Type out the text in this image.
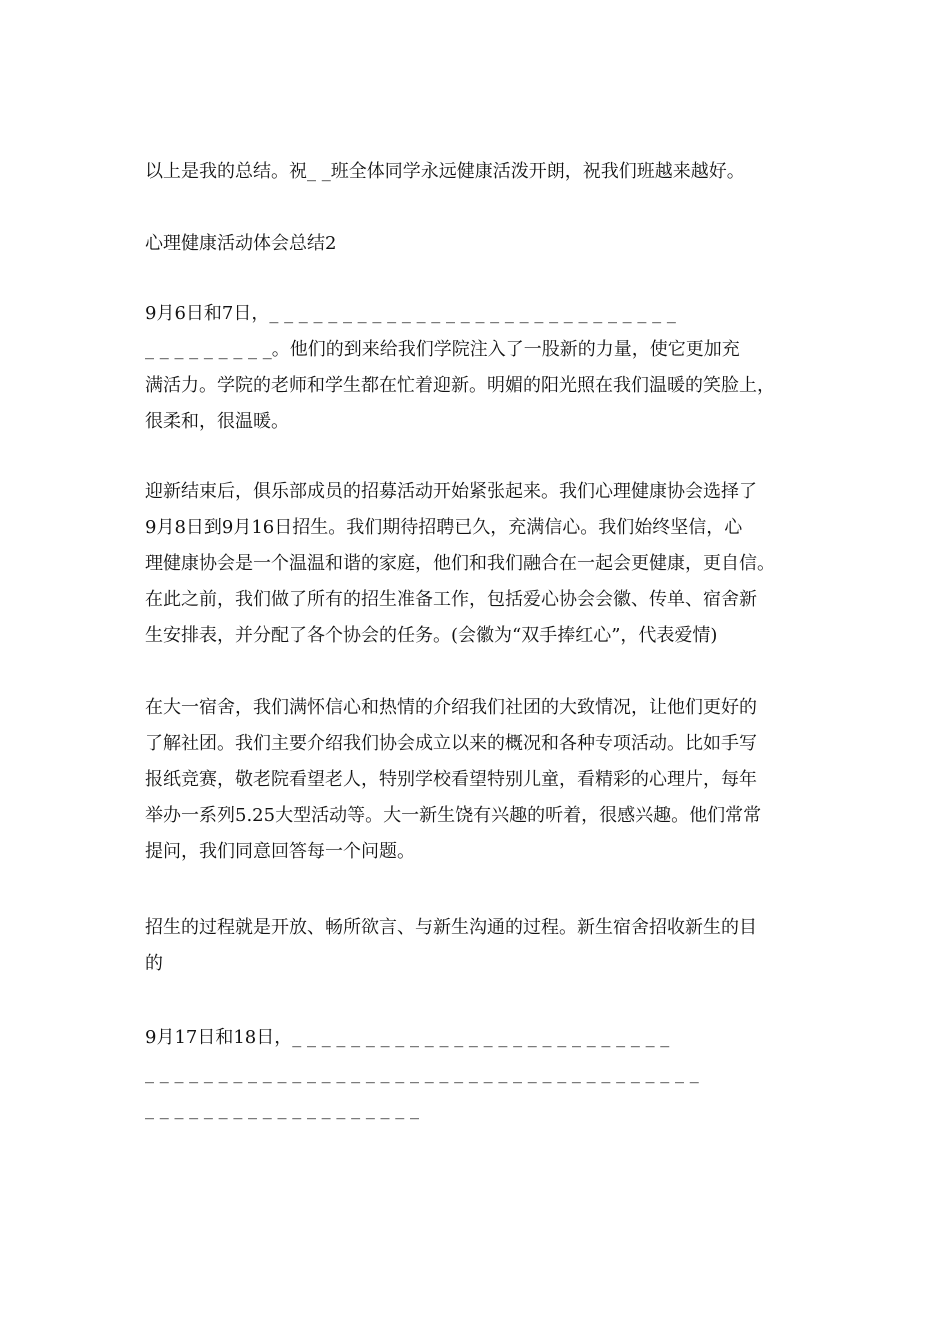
以上是我的总结。祝_ _班全体同学永远健康活泼开朗，祝我们班越来越好。

心理健康活动体会总结2

9月6日和7日，_ _ _ _ _ _ _ _ _ _ _ _ _ _ _ _ _ _ _ _ _ _ _ _ _ _ _ _
_ _ _ _ _ _ _ _ _。他们的到来给我们学院注入了一股新的力量，使它更加充
满活力。学院的老师和学生都在忙着迎新。明媚的阳光照在我们温暖的笑脸上，
很柔和，很温暖。

迎新结束后，俱乐部成员的招募活动开始紧张起来。我们心理健康协会选择了
9月8日到9月16日招生。我们期待招聘已久，充满信心。我们始终坚信，心
理健康协会是一个温温和谐的家庭，他们和我们融合在一起会更健康，更自信。
在此之前，我们做了所有的招生准备工作，包括爱心协会会徽、传单、宿舍新
生安排表，并分配了各个协会的任务。(会徽为“双手捧红心”，代表爱情)

在大一宿舍，我们满怀信心和热情的介绍我们社团的大致情况，让他们更好的
了解社团。我们主要介绍我们协会成立以来的概况和各种专项活动。比如手写
报纸竞赛，敬老院看望老人，特别学校看望特别儿童，看精彩的心理片，每年
举办一系列5.25大型活动等。大一新生饶有兴趣的听着，很感兴趣。他们常常
提问，我们同意回答每一个问题。

招生的过程就是开放、畅所欲言、与新生沟通的过程。新生宿舍招收新生的目
的

9月17日和18日，_ _ _ _ _ _ _ _ _ _ _ _ _ _ _ _ _ _ _ _ _ _ _ _ _ _
_ _ _ _ _ _ _ _ _ _ _ _ _ _ _ _ _ _ _ _ _ _ _ _ _ _ _ _ _ _ _ _ _ _ _ _ _ _
_ _ _ _ _ _ _ _ _ _ _ _ _ _ _ _ _ _ _
